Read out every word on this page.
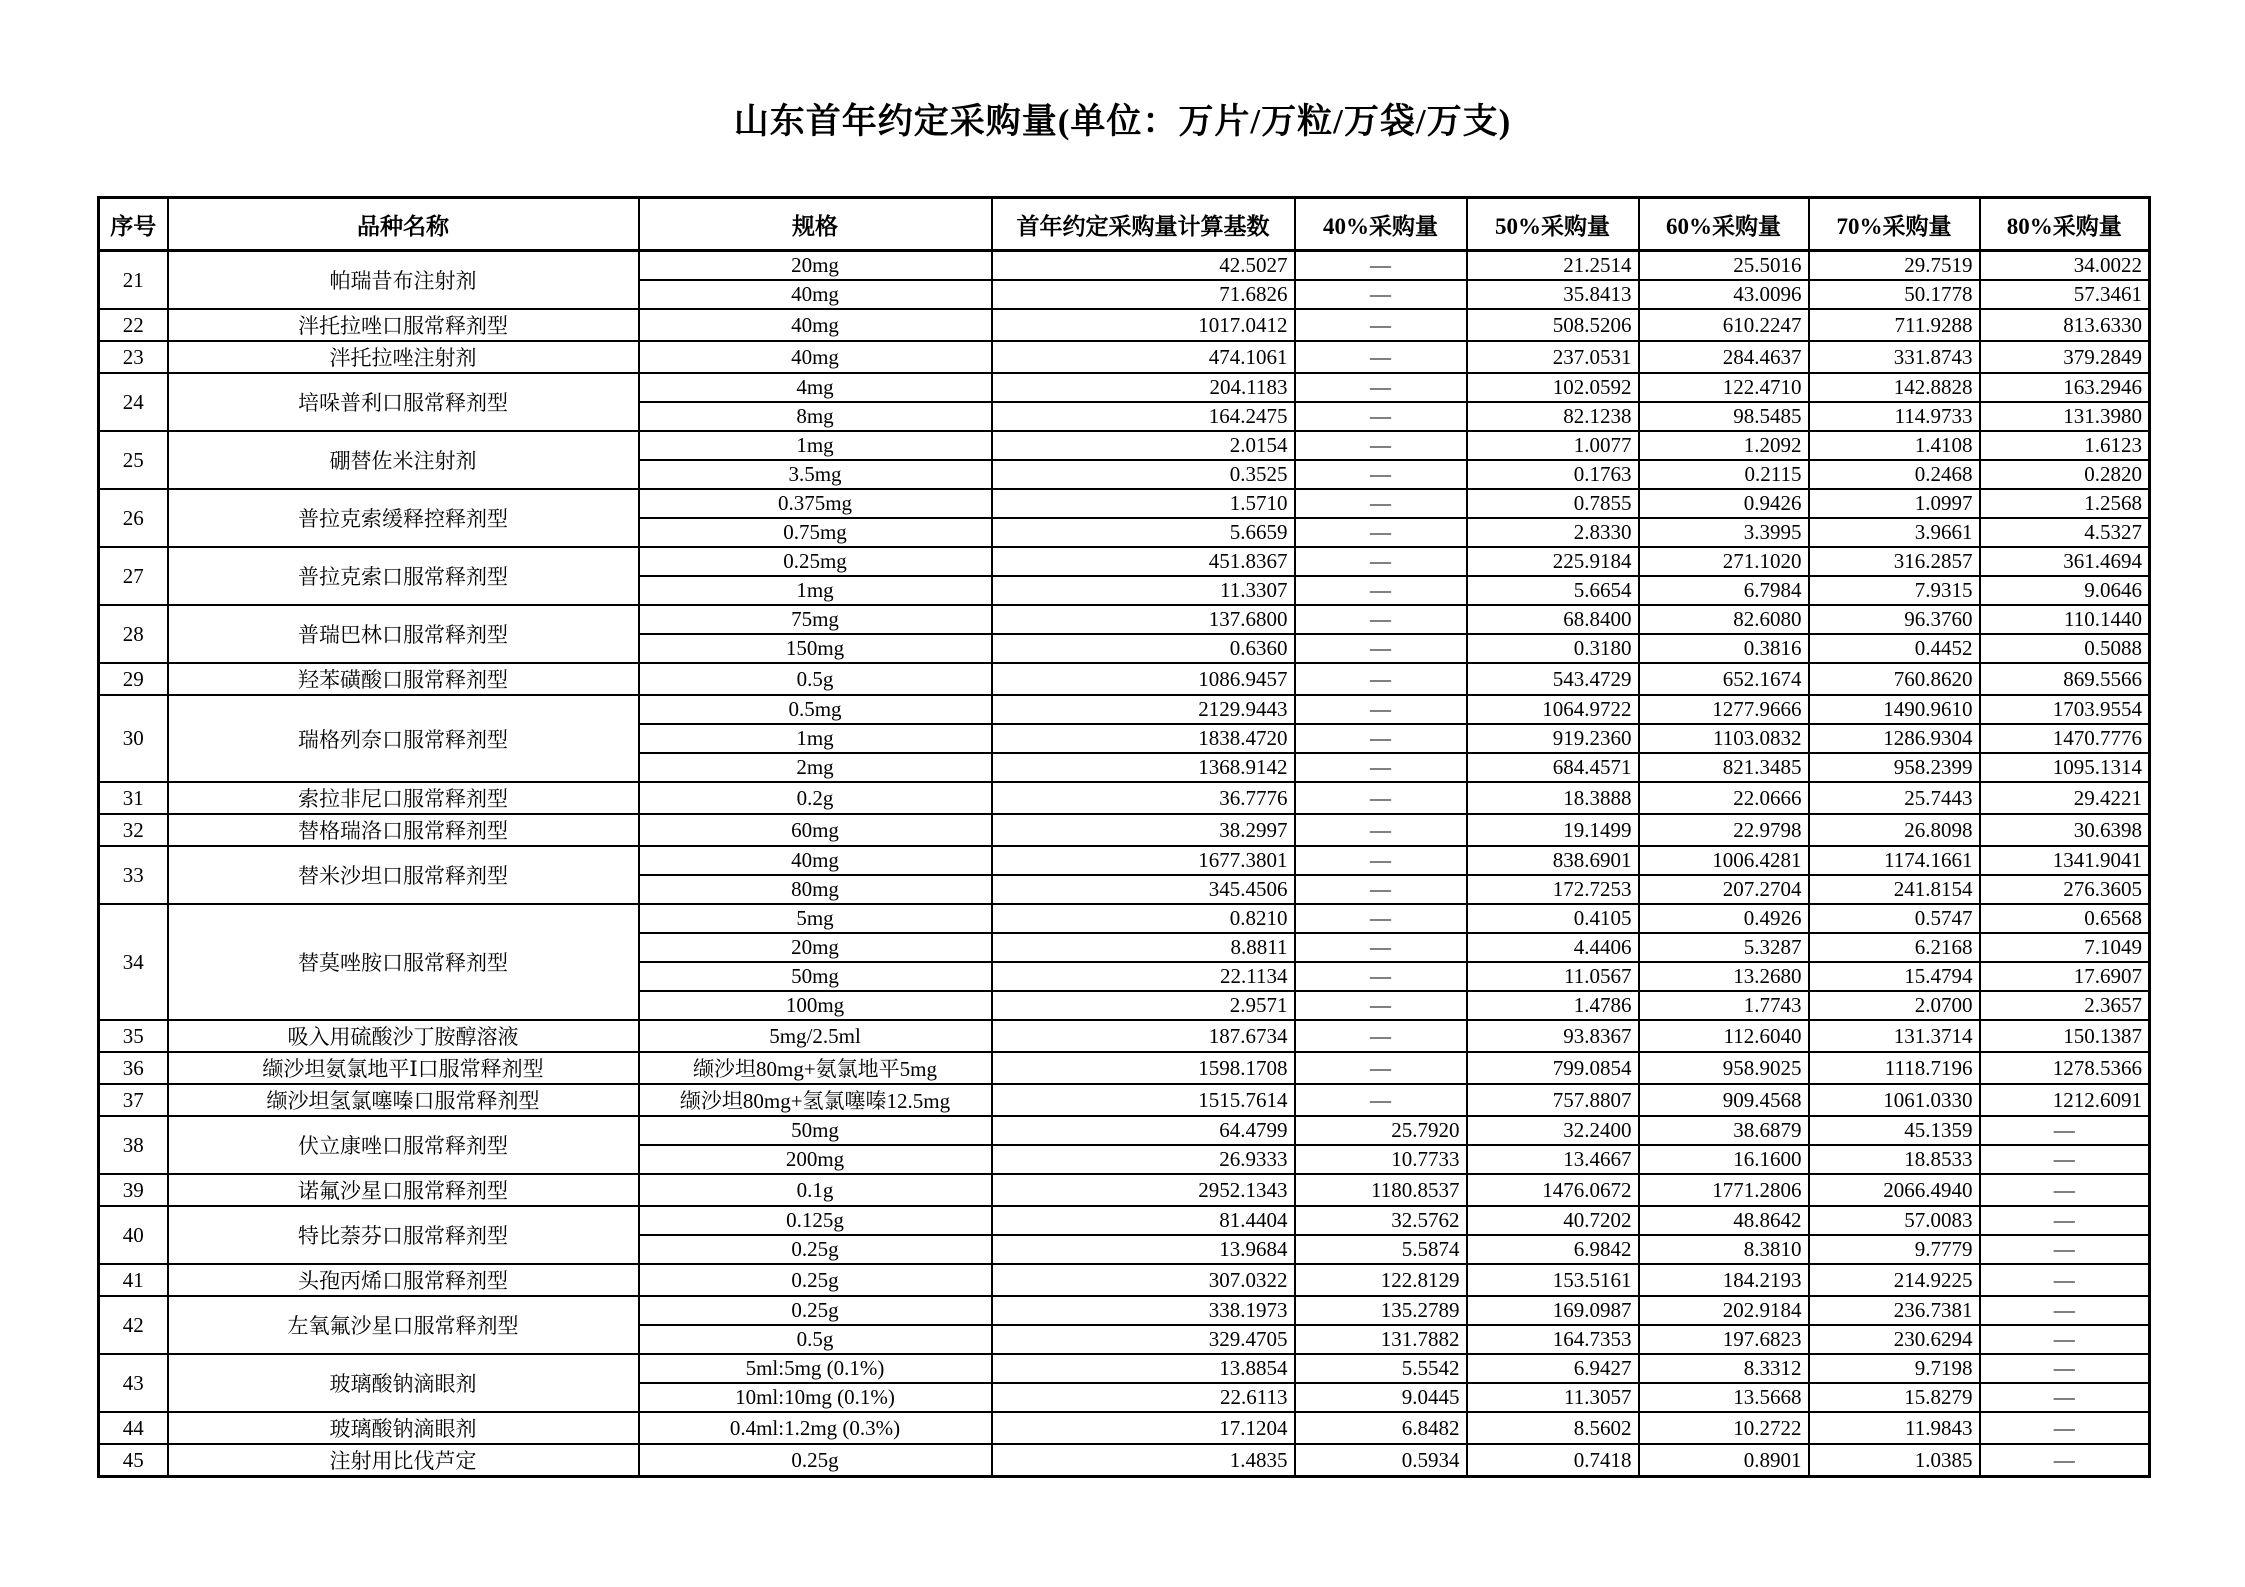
山东首年约定采购量(单位：万片/万粒/万袋/万支)
序号	品种名称	规格	首年约定采购量计算基数	40%采购量	50%采购量	60%采购量	70%采购量	80%采购量
21	帕瑞昔布注射剂	20mg	42.5027	—	21.2514	25.5016	29.7519	34.0022
		40mg	71.6826	—	35.8413	43.0096	50.1778	57.3461
22	泮托拉唑口服常释剂型	40mg	1017.0412	—	508.5206	610.2247	711.9288	813.6330
23	泮托拉唑注射剂	40mg	474.1061	—	237.0531	284.4637	331.8743	379.2849
24	培哚普利口服常释剂型	4mg	204.1183	—	102.0592	122.4710	142.8828	163.2946
		8mg	164.2475	—	82.1238	98.5485	114.9733	131.3980
25	硼替佐米注射剂	1mg	2.0154	—	1.0077	1.2092	1.4108	1.6123
		3.5mg	0.3525	—	0.1763	0.2115	0.2468	0.2820
26	普拉克索缓释控释剂型	0.375mg	1.5710	—	0.7855	0.9426	1.0997	1.2568
		0.75mg	5.6659	—	2.8330	3.3995	3.9661	4.5327
27	普拉克索口服常释剂型	0.25mg	451.8367	—	225.9184	271.1020	316.2857	361.4694
		1mg	11.3307	—	5.6654	6.7984	7.9315	9.0646
28	普瑞巴林口服常释剂型	75mg	137.6800	—	68.8400	82.6080	96.3760	110.1440
		150mg	0.6360	—	0.3180	0.3816	0.4452	0.5088
29	羟苯磺酸口服常释剂型	0.5g	1086.9457	—	543.4729	652.1674	760.8620	869.5566
30	瑞格列奈口服常释剂型	0.5mg	2129.9443	—	1064.9722	1277.9666	1490.9610	1703.9554
		1mg	1838.4720	—	919.2360	1103.0832	1286.9304	1470.7776
		2mg	1368.9142	—	684.4571	821.3485	958.2399	1095.1314
31	索拉非尼口服常释剂型	0.2g	36.7776	—	18.3888	22.0666	25.7443	29.4221
32	替格瑞洛口服常释剂型	60mg	38.2997	—	19.1499	22.9798	26.8098	30.6398
33	替米沙坦口服常释剂型	40mg	1677.3801	—	838.6901	1006.4281	1174.1661	1341.9041
		80mg	345.4506	—	172.7253	207.2704	241.8154	276.3605
34	替莫唑胺口服常释剂型	5mg	0.8210	—	0.4105	0.4926	0.5747	0.6568
		20mg	8.8811	—	4.4406	5.3287	6.2168	7.1049
		50mg	22.1134	—	11.0567	13.2680	15.4794	17.6907
		100mg	2.9571	—	1.4786	1.7743	2.0700	2.3657
35	吸入用硫酸沙丁胺醇溶液	5mg/2.5ml	187.6734	—	93.8367	112.6040	131.3714	150.1387
36	缬沙坦氨氯地平Ⅰ口服常释剂型	缬沙坦80mg+氨氯地平5mg	1598.1708	—	799.0854	958.9025	1118.7196	1278.5366
37	缬沙坦氢氯噻嗪口服常释剂型	缬沙坦80mg+氢氯噻嗪12.5mg	1515.7614	—	757.8807	909.4568	1061.0330	1212.6091
38	伏立康唑口服常释剂型	50mg	64.4799	25.7920	32.2400	38.6879	45.1359	—
		200mg	26.9333	10.7733	13.4667	16.1600	18.8533	—
39	诺氟沙星口服常释剂型	0.1g	2952.1343	1180.8537	1476.0672	1771.2806	2066.4940	—
40	特比萘芬口服常释剂型	0.125g	81.4404	32.5762	40.7202	48.8642	57.0083	—
		0.25g	13.9684	5.5874	6.9842	8.3810	9.7779	—
41	头孢丙烯口服常释剂型	0.25g	307.0322	122.8129	153.5161	184.2193	214.9225	—
42	左氧氟沙星口服常释剂型	0.25g	338.1973	135.2789	169.0987	202.9184	236.7381	—
		0.5g	329.4705	131.7882	164.7353	197.6823	230.6294	—
43	玻璃酸钠滴眼剂	5ml:5mg (0.1%)	13.8854	5.5542	6.9427	8.3312	9.7198	—
		10ml:10mg (0.1%)	22.6113	9.0445	11.3057	13.5668	15.8279	—
44	玻璃酸钠滴眼剂	0.4ml:1.2mg (0.3%)	17.1204	6.8482	8.5602	10.2722	11.9843	—
45	注射用比伐芦定	0.25g	1.4835	0.5934	0.7418	0.8901	1.0385	—
